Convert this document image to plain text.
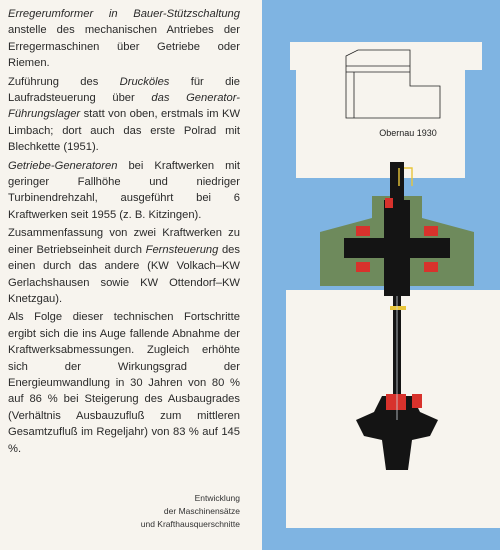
Erregerumformer in Bauer-Stützschaltung anstelle des mechanischen Antriebes der Erregermaschinen über Getriebe oder Riemen.

Zuführung des Drucköles für die Laufradsteuerung über das Generator-Führungslager statt von oben, erstmals im KW Limbach; dort auch das erste Polrad mit Blechkette (1951).

Getriebe-Generatoren bei Kraftwerken mit geringer Fallhöhe und niedriger Turbinendrehzahl, ausgeführt bei 6 Kraftwerken seit 1955 (z. B. Kitzingen).

Zusammenfassung von zwei Kraftwerken zu einer Betriebseinheit durch Fernsteuerung des einen durch das andere (KW Volkach–KW Gerlachshausen sowie KW Ottendorf–KW Knetzgau).

Als Folge dieser technischen Fortschritte ergibt sich die ins Auge fallende Abnahme der Kraftwerksabmessungen. Zugleich erhöhte sich der Wirkungsgrad der Energieumwandlung in 30 Jahren von 80 % auf 86 % bei Steigerung des Ausbaugrades (Verhältnis Ausbauzufluß zum mittleren Gesamtzufluß im Regeljahr) von 83 % auf 145 %.

Entwicklung
der Maschinensätze
und Krafthausquerschnitte
Obernau 1930
